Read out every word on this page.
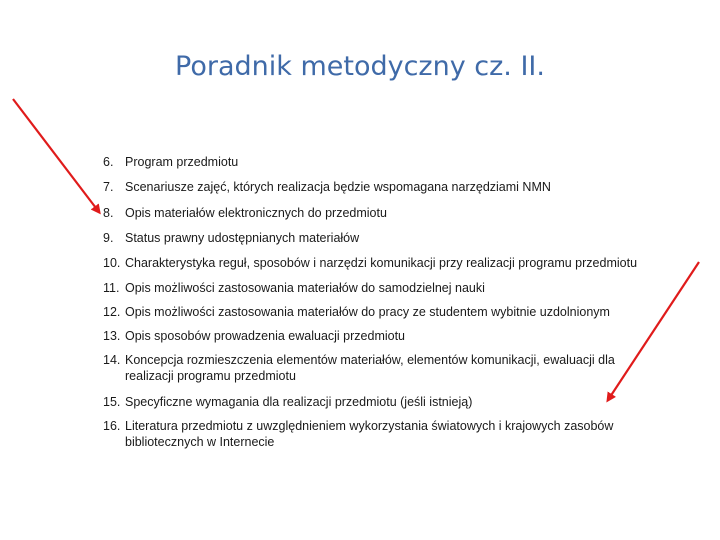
Poradnik metodyczny cz. II.
6. Program przedmiotu
7. Scenariusze zajęć, których realizacja będzie wspomagana narzędziami NMN
8. Opis materiałów elektronicznych do przedmiotu
9. Status prawny udostępnianych materiałów
10. Charakterystyka reguł, sposobów i narzędzi komunikacji przy realizacji programu przedmiotu
11. Opis możliwości zastosowania materiałów do samodzielnej nauki
12. Opis możliwości zastosowania materiałów do pracy ze studentem wybitnie uzdolnionym
13. Opis sposobów prowadzenia ewaluacji przedmiotu
14. Koncepcja rozmieszczenia elementów materiałów, elementów komunikacji, ewaluacji dla realizacji programu przedmiotu
15. Specyficzne wymagania dla realizacji przedmiotu (jeśli istnieją)
16. Literatura przedmiotu z uwzględnieniem wykorzystania światowych i krajowych zasobów bibliotecznych w Internecie
